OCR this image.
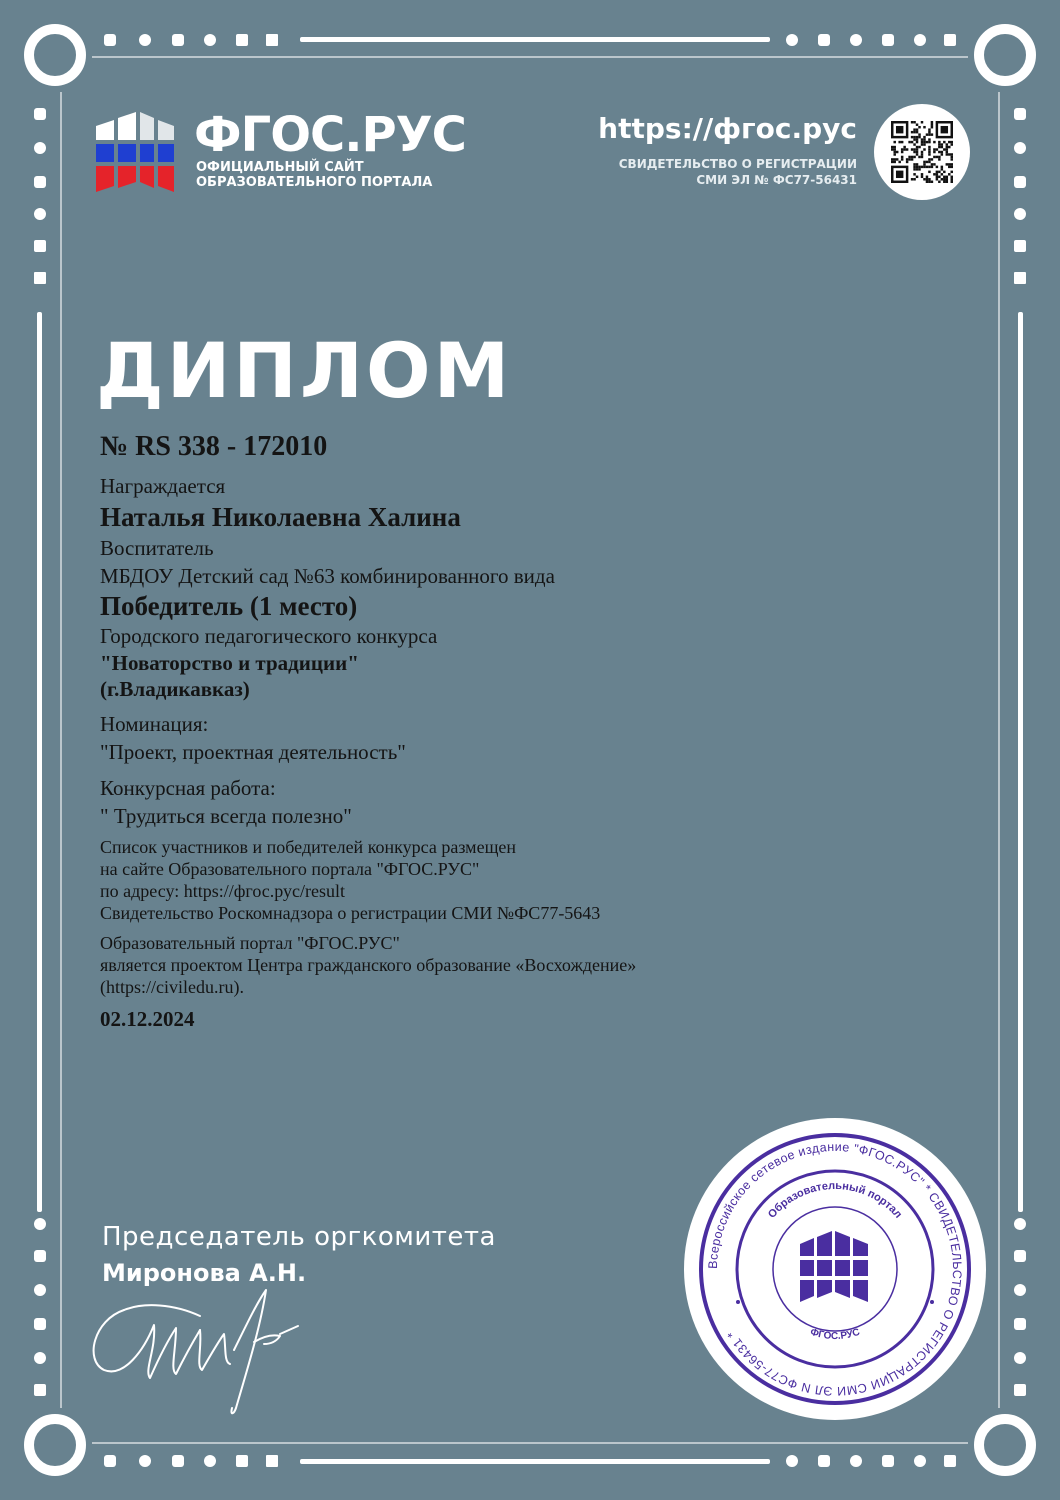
ФГОС.РУС
ОФИЦИАЛЬНЫЙ САЙТ
ОБРАЗОВАТЕЛЬНОГО ПОРТАЛА
https://фгос.рус
СВИДЕТЕЛЬСТВО О РЕГИСТРАЦИИ
СМИ ЭЛ № ФС77-56431
ДИПЛОМ
№ RS 338 - 172010
Награждается
Наталья Николаевна Халина
Воспитатель
МБДОУ Детский сад №63 комбинированного вида
Победитель (1 место)
Городского педагогического конкурса
"Новаторство и традиции"
(г.Владикавказ)
Номинация:
"Проект, проектная деятельность"
Конкурсная работа:
" Трудиться всегда полезно"
Список участников и победителей конкурса размещен
на сайте Образовательного портала "ФГОС.РУС"
по адресу: https://фгос.рус/result
Свидетельство Роскомнадзора о регистрации СМИ №ФС77-5643
Образовательный портал "ФГОС.РУС"
является проектом Центра гражданского образование «Восхождение»
(https://civiledu.ru).
02.12.2024
Председатель оргкомитета
Миронова А.Н.	Всероссийское сетевое издание "ФГОС.РУС" * СВИДЕТЕЛЬСТВО О РЕГИСТРАЦИИ СМИ ЭЛ N ФС77-56431 *
Образовательный портал
ФГОС.РУС
